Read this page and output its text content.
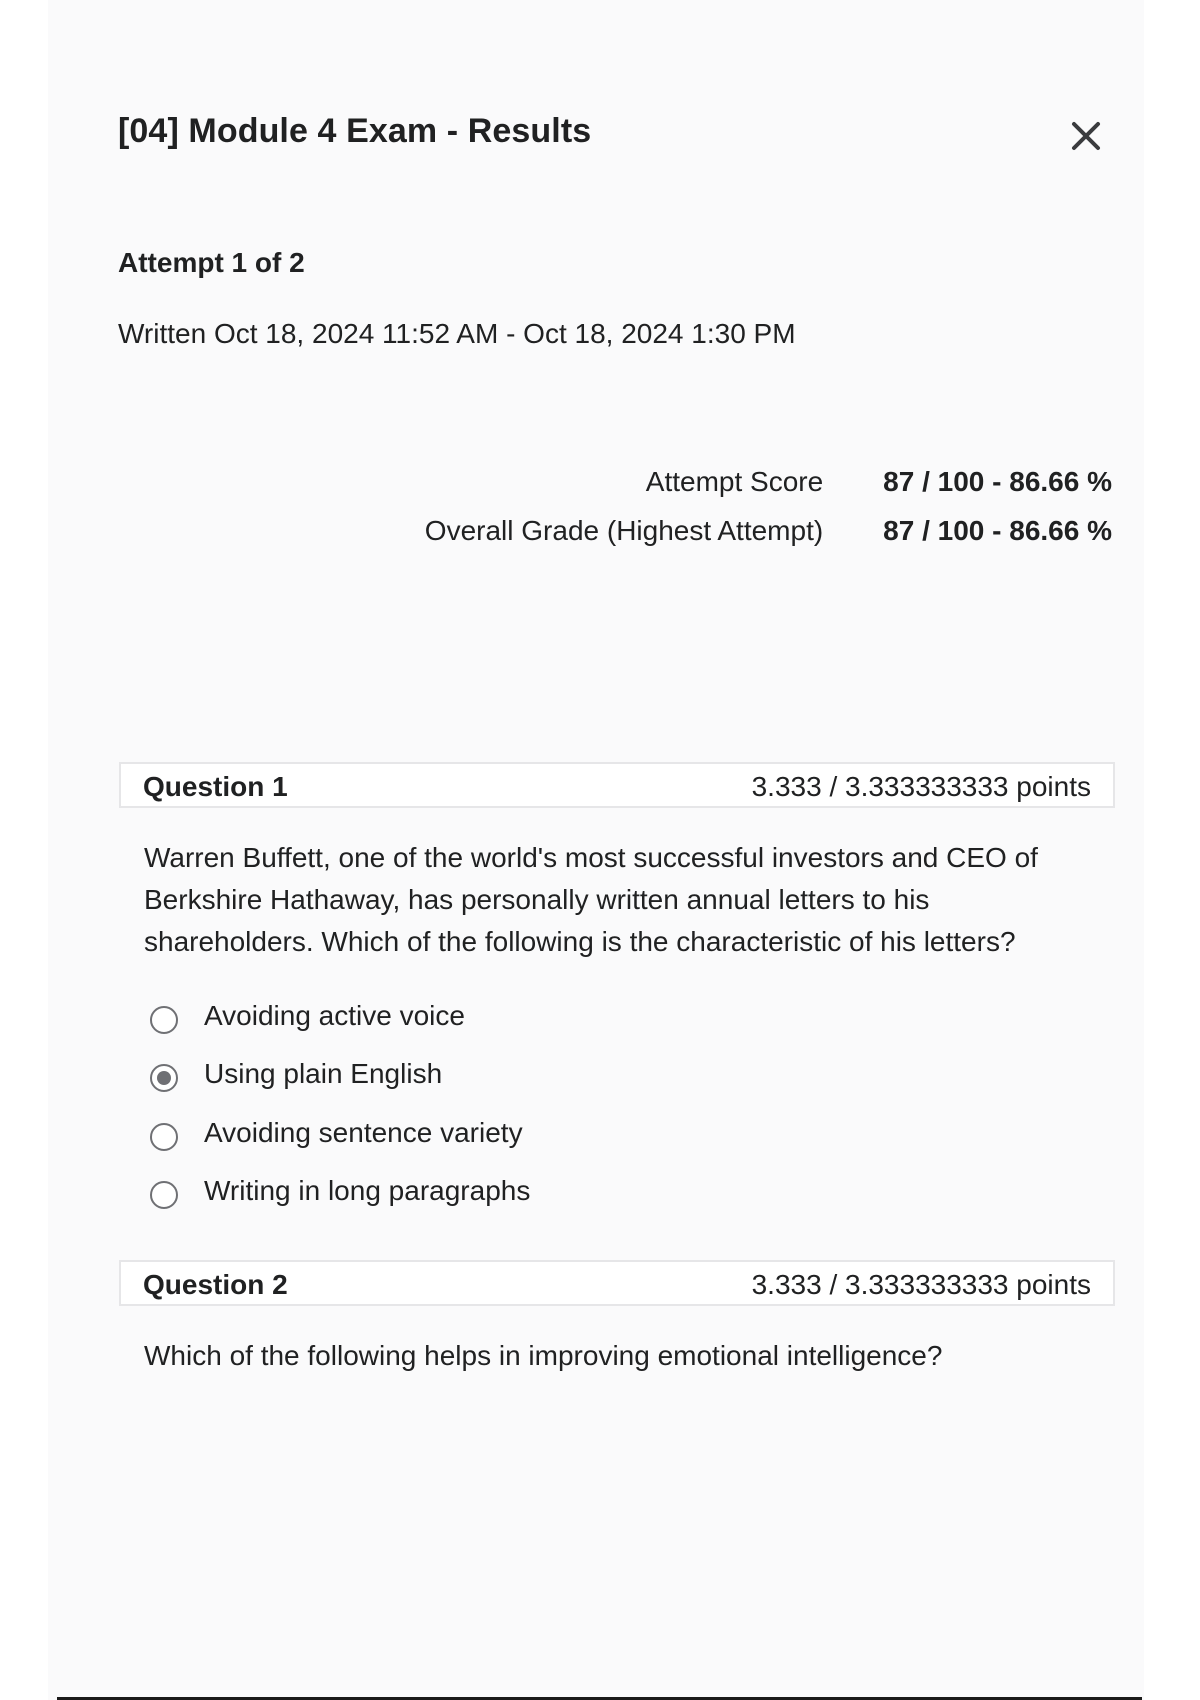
[04] Module 4 Exam - Results
Attempt 1 of 2
Written Oct 18, 2024 11:52 AM - Oct 18, 2024 1:30 PM
Attempt Score	87 / 100 - 86.66 %
Overall Grade (Highest Attempt)	87 / 100 - 86.66 %
Question 1	3.333 / 3.333333333 points
Warren Buffett, one of the world's most successful investors and CEO of Berkshire Hathaway, has personally written annual letters to his shareholders. Which of the following is the characteristic of his letters?
Avoiding active voice
Using plain English
Avoiding sentence variety
Writing in long paragraphs
Question 2	3.333 / 3.333333333 points
Which of the following helps in improving emotional intelligence?
